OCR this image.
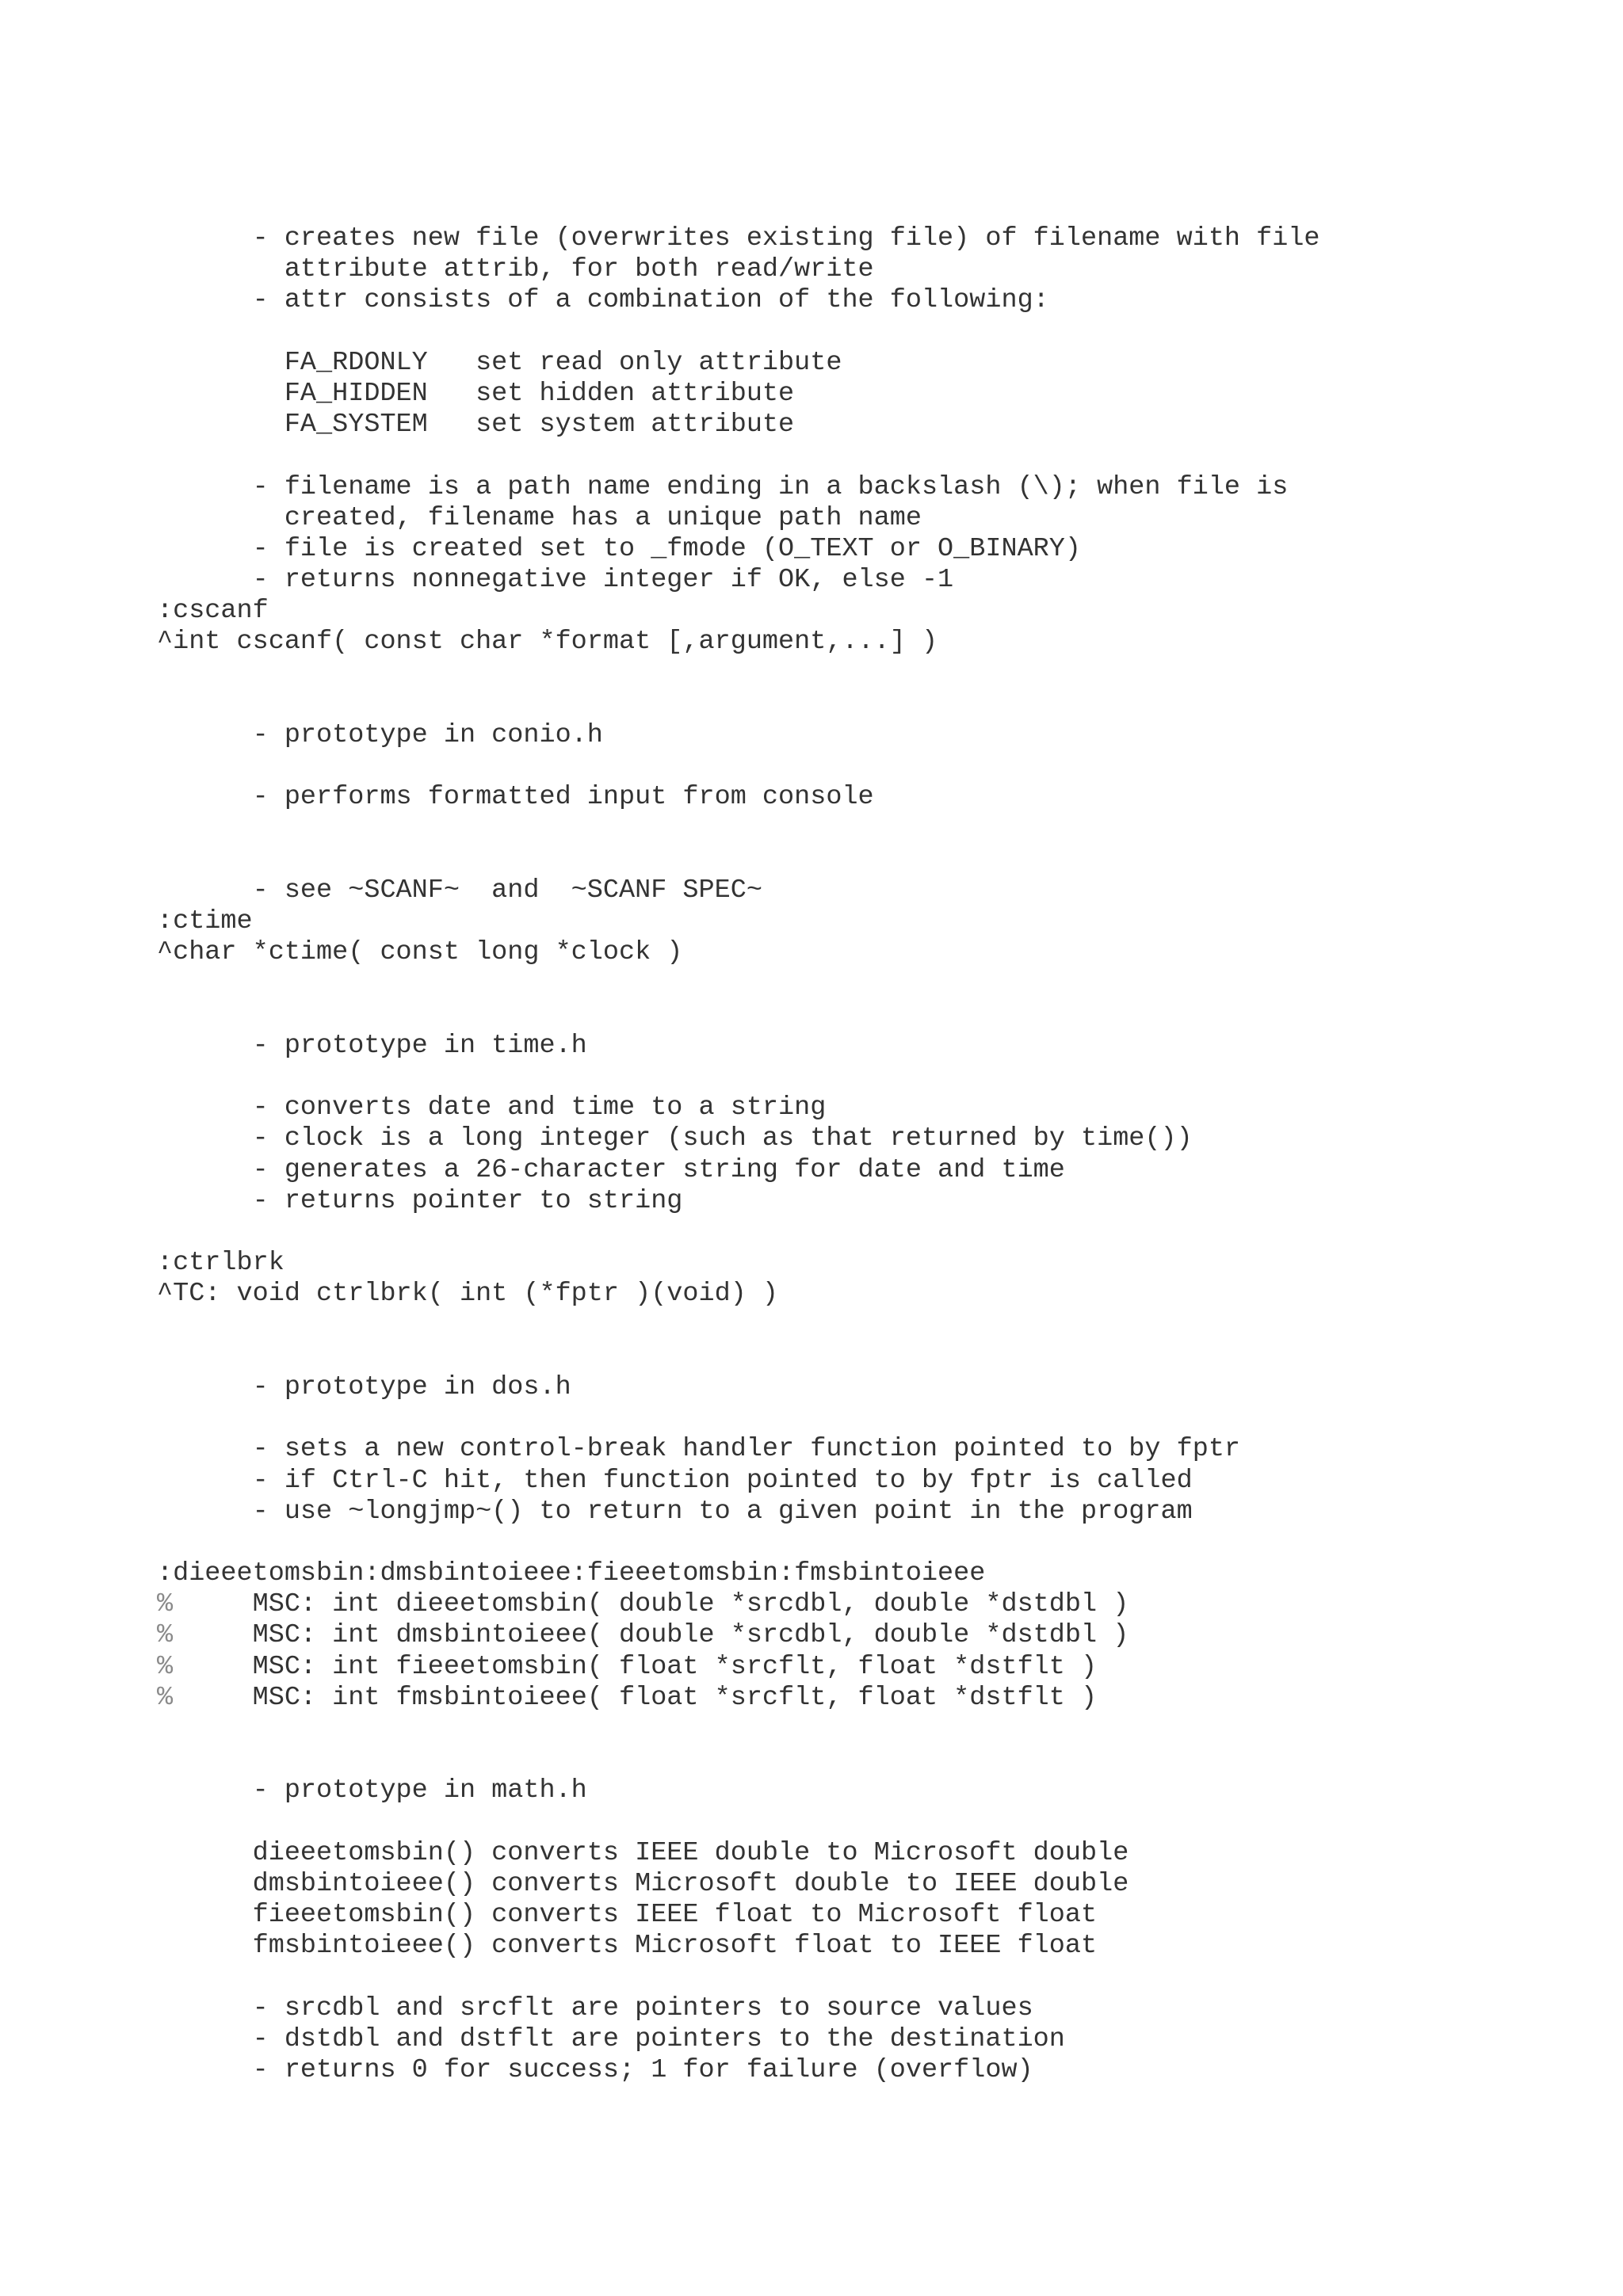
- creates new file (overwrites existing file) of filename with file
attribute attrib, for both read/write
- attr consists of a combination of the following:
FA_RDONLY   set read only attribute
FA_HIDDEN   set hidden attribute
FA_SYSTEM   set system attribute
- filename is a path name ending in a backslash (\); when file is
created, filename has a unique path name
- file is created set to _fmode (O_TEXT or O_BINARY)
- returns nonnegative integer if OK, else -1
:cscanf
^int cscanf( const char *format [,argument,...] )
- prototype in conio.h
- performs formatted input from console
- see ~SCANF~  and  ~SCANF SPEC~
:ctime
^char *ctime( const long *clock )
- prototype in time.h
- converts date and time to a string
- clock is a long integer (such as that returned by time())
- generates a 26-character string for date and time
- returns pointer to string
:ctrlbrk
^TC: void ctrlbrk( int (*fptr )(void) )
- prototype in dos.h
- sets a new control-break handler function pointed to by fptr
- if Ctrl-C hit, then function pointed to by fptr is called
- use ~longjmp~() to return to a given point in the program
:dieeetomsbin:dmsbintoieee:fieeetomsbin:fmsbintoieee
%     MSC: int dieeetomsbin( double *srcdbl, double *dstdbl )
%     MSC: int dmsbintoieee( double *srcdbl, double *dstdbl )
%     MSC: int fieeetomsbin( float *srcflt, float *dstflt )
%     MSC: int fmsbintoieee( float *srcflt, float *dstflt )
- prototype in math.h
dieeetomsbin() converts IEEE double to Microsoft double
dmsbintoieee() converts Microsoft double to IEEE double
fieeetomsbin() converts IEEE float to Microsoft float
fmsbintoieee() converts Microsoft float to IEEE float
- srcdbl and srcflt are pointers to source values
- dstdbl and dstflt are pointers to the destination
- returns 0 for success; 1 for failure (overflow)
